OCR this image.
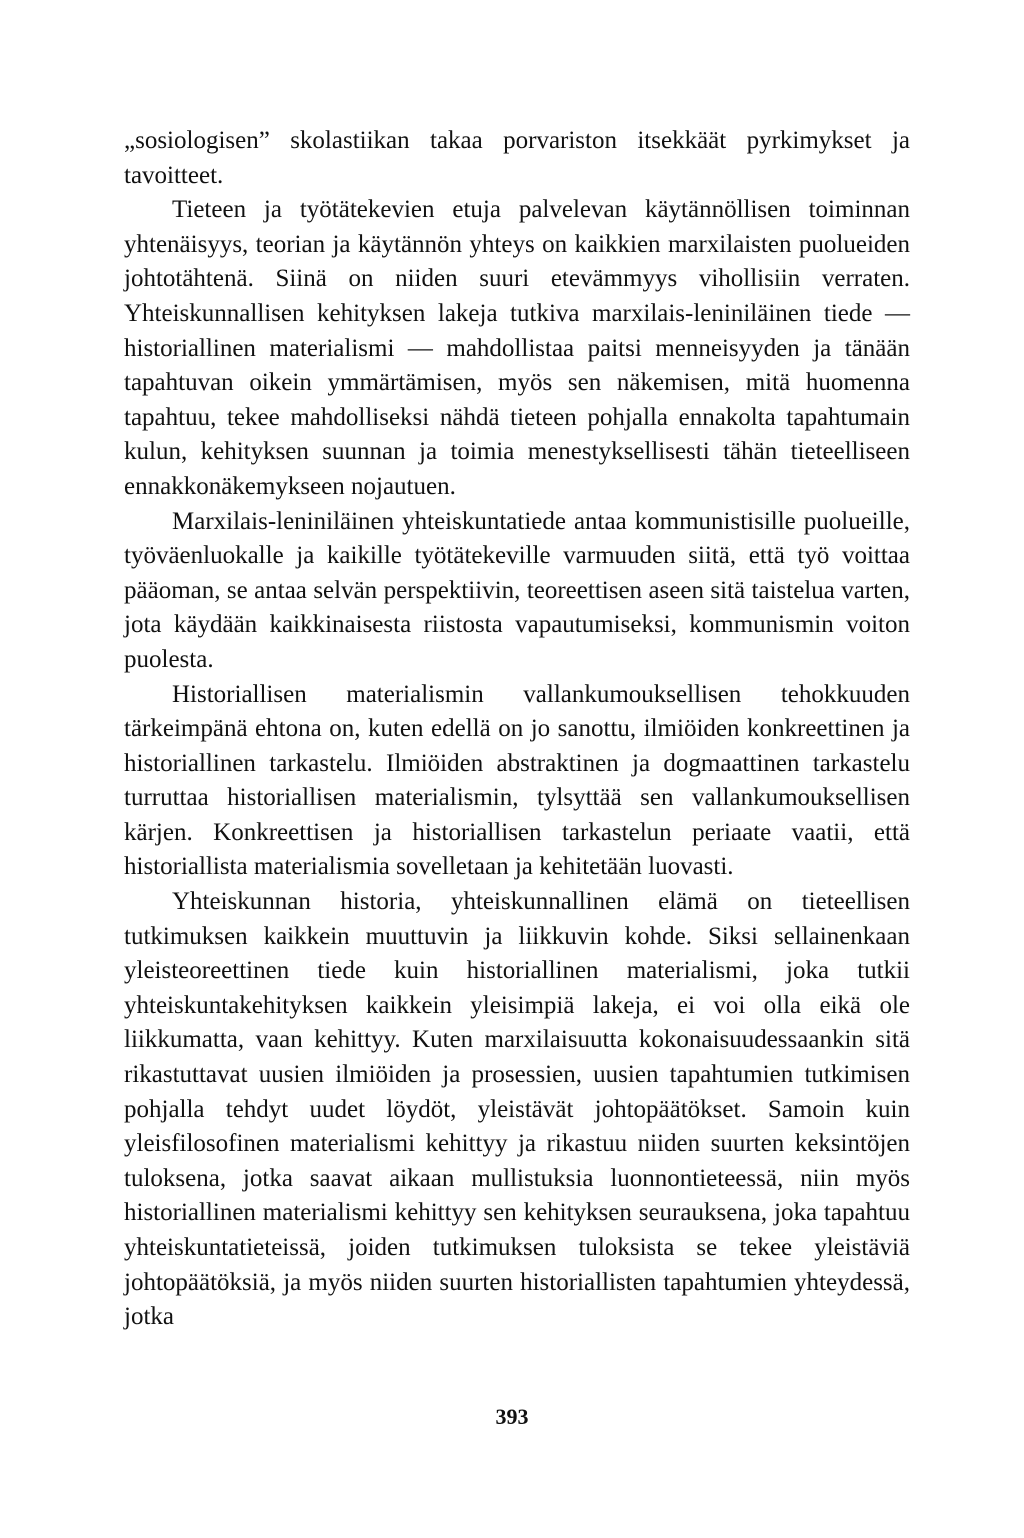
„sosiologisen” skolastiikan takaa porvariston itsekkäät pyrkimykset ja tavoitteet.

Tieteen ja työtätekevien etuja palvelevan käytännöllisen toiminnan yhtenäisyys, teorian ja käytännön yhteys on kaikkien marxilaisten puolueiden johtotähtenä. Siinä on niiden suuri etevämmyys vihollisiin verraten. Yhteiskunnallisen kehityksen lakeja tutkiva marxilais-leniniläinen tiede — historiallinen materialismi — mahdollistaa paitsi menneisyyden ja tänään tapahtuvan oikein ymmärtämisen, myös sen näkemisen, mitä huomenna tapahtuu, tekee mahdolliseksi nähdä tieteen pohjalla ennakolta tapahtumain kulun, kehityksen suunnan ja toimia menestyksellisesti tähän tieteelliseen ennakkonäkemykseen nojautuen.

Marxilais-leniniläinen yhteiskuntatiede antaa kommunistisille puolueille, työväenluokalle ja kaikille työtätekeville varmuuden siitä, että työ voittaa pääoman, se antaa selvän perspektiivin, teoreettisen aseen sitä taistelua varten, jota käydään kaikkinaisesta riistosta vapautumiseksi, kommunismin voiton puolesta.

Historiallisen materialismin vallankumouksellisen tehokkuuden tärkeimpänä ehtona on, kuten edellä on jo sanottu, ilmiöiden konkreettinen ja historiallinen tarkastelu. Ilmiöiden abstraktinen ja dogmaattinen tarkastelu turruttaa historiallisen materialismin, tylsyttää sen vallankumouksellisen kärjen. Konkreettisen ja historiallisen tarkastelun periaate vaatii, että historiallista materialismia sovelletaan ja kehitetään luovasti.

Yhteiskunnan historia, yhteiskunnallinen elämä on tieteellisen tutkimuksen kaikkein muuttuvin ja liikkuvin kohde. Siksi sellainenkaan yleisteoreettinen tiede kuin historiallinen materialismi, joka tutkii yhteiskuntakehityksen kaikkein yleisimpiä lakeja, ei voi olla eikä ole liikkumatta, vaan kehittyy. Kuten marxilaisuutta kokonaisuudessaankin sitä rikastuttavat uusien ilmiöiden ja prosessien, uusien tapahtumien tutkimisen pohjalla tehdyt uudet löydöt, yleistävät johtopäätökset. Samoin kuin yleisfilosofinen materialismi kehittyy ja rikastuu niiden suurten keksintöjen tuloksena, jotka saavat aikaan mullistuksia luonnontieteessä, niin myös historiallinen materialismi kehittyy sen kehityksen seurauksena, joka tapahtuu yhteiskuntatieteissä, joiden tutkimuksen tuloksista se tekee yleistäviä johtopäätöksiä, ja myös niiden suurten historiallisten tapahtumien yhteydessä, jotka

393
